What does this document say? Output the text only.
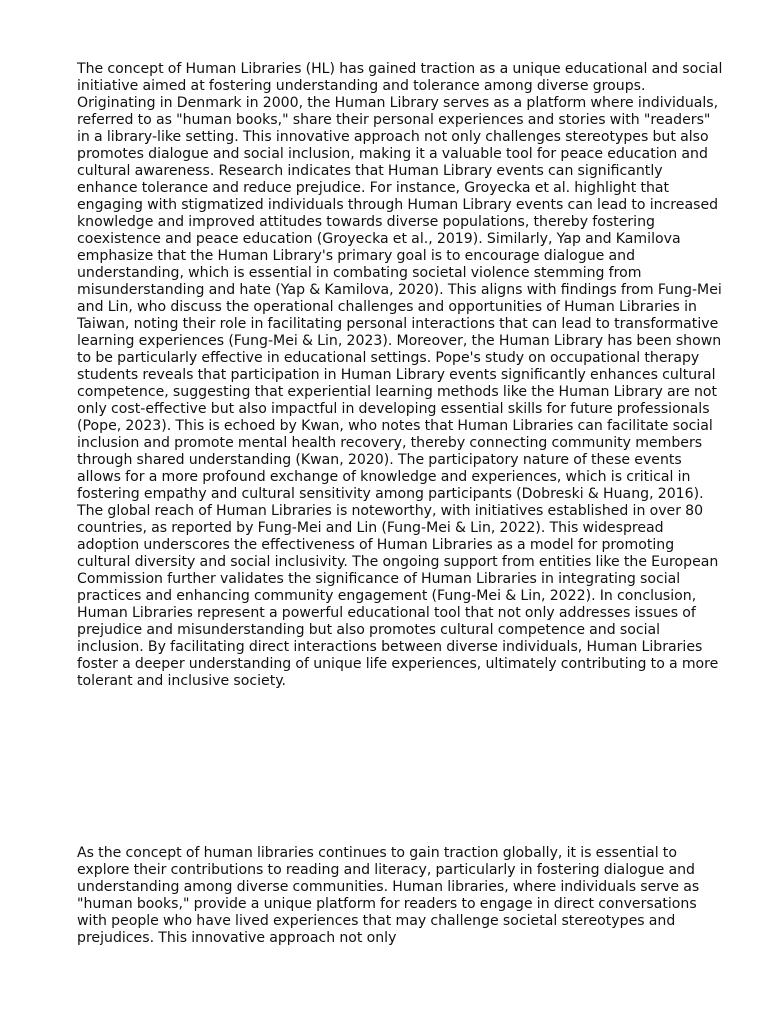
The concept of Human Libraries (HL) has gained traction as a unique educational and social initiative aimed at fostering understanding and tolerance among diverse groups. Originating in Denmark in 2000, the Human Library serves as a platform where individuals, referred to as "human books," share their personal experiences and stories with "readers" in a library-like setting. This innovative approach not only challenges stereotypes but also promotes dialogue and social inclusion, making it a valuable tool for peace education and cultural awareness. Research indicates that Human Library events can significantly enhance tolerance and reduce prejudice. For instance, Groyecka et al. highlight that engaging with stigmatized individuals through Human Library events can lead to increased knowledge and improved attitudes towards diverse populations, thereby fostering coexistence and peace education (Groyecka et al., 2019). Similarly, Yap and Kamilova emphasize that the Human Library's primary goal is to encourage dialogue and understanding, which is essential in combating societal violence stemming from misunderstanding and hate (Yap & Kamilova, 2020). This aligns with findings from Fung-Mei and Lin, who discuss the operational challenges and opportunities of Human Libraries in Taiwan, noting their role in facilitating personal interactions that can lead to transformative learning experiences (Fung-Mei & Lin, 2023). Moreover, the Human Library has been shown to be particularly effective in educational settings. Pope's study on occupational therapy students reveals that participation in Human Library events significantly enhances cultural competence, suggesting that experiential learning methods like the Human Library are not only cost-effective but also impactful in developing essential skills for future professionals (Pope, 2023). This is echoed by Kwan, who notes that Human Libraries can facilitate social inclusion and promote mental health recovery, thereby connecting community members through shared understanding (Kwan, 2020). The participatory nature of these events allows for a more profound exchange of knowledge and experiences, which is critical in fostering empathy and cultural sensitivity among participants (Dobreski & Huang, 2016). The global reach of Human Libraries is noteworthy, with initiatives established in over 80 countries, as reported by Fung-Mei and Lin (Fung-Mei & Lin, 2022). This widespread adoption underscores the effectiveness of Human Libraries as a model for promoting cultural diversity and social inclusivity. The ongoing support from entities like the European Commission further validates the significance of Human Libraries in integrating social practices and enhancing community engagement (Fung-Mei & Lin, 2022). In conclusion, Human Libraries represent a powerful educational tool that not only addresses issues of prejudice and misunderstanding but also promotes cultural competence and social inclusion. By facilitating direct interactions between diverse individuals, Human Libraries foster a deeper understanding of unique life experiences, ultimately contributing to a more tolerant and inclusive society.

As the concept of human libraries continues to gain traction globally, it is essential to explore their contributions to reading and literacy, particularly in fostering dialogue and understanding among diverse communities. Human libraries, where individuals serve as "human books," provide a unique platform for readers to engage in direct conversations with people who have lived experiences that may challenge societal stereotypes and prejudices. This innovative approach not only
